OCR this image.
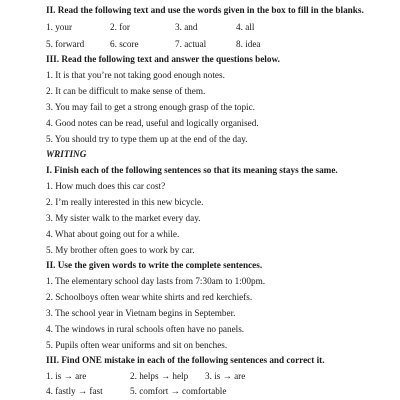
II. Read the following text and use the words given in the box to fill in the blanks.
1. your	2. for	3. and	4. all
5. forward	6. score	7. actual	8. idea
III. Read the following text and answer the questions below.
1. It is that you’re not taking good enough notes.
2. It can be difficult to make sense of them.
3. You may fail to get a strong enough grasp of the topic.
4. Good notes can be read, useful and logically organised.
5. You should try to type them up at the end of the day.
WRITING
I. Finish each of the following sentences so that its meaning stays the same.
1. How much does this car cost?
2. I’m really interested in this new bicycle.
3. My sister walk to the market every day.
4. What about going out for a while.
5. My brother often goes to work by car.
II. Use the given words to write the complete sentences.
1. The elementary school day lasts from 7:30am to 1:00pm.
2. Schoolboys often wear white shirts and red kerchiefs.
3. The school year in Vietnam begins in September.
4. The windows in rural schools often have no panels.
5. Pupils often wear uniforms and sit on benches.
III. Find ONE mistake in each of the following sentences and correct it.
1. is → are	2. helps → help 3. is → are
4. fastly → fast	5. comfort → comfortable
